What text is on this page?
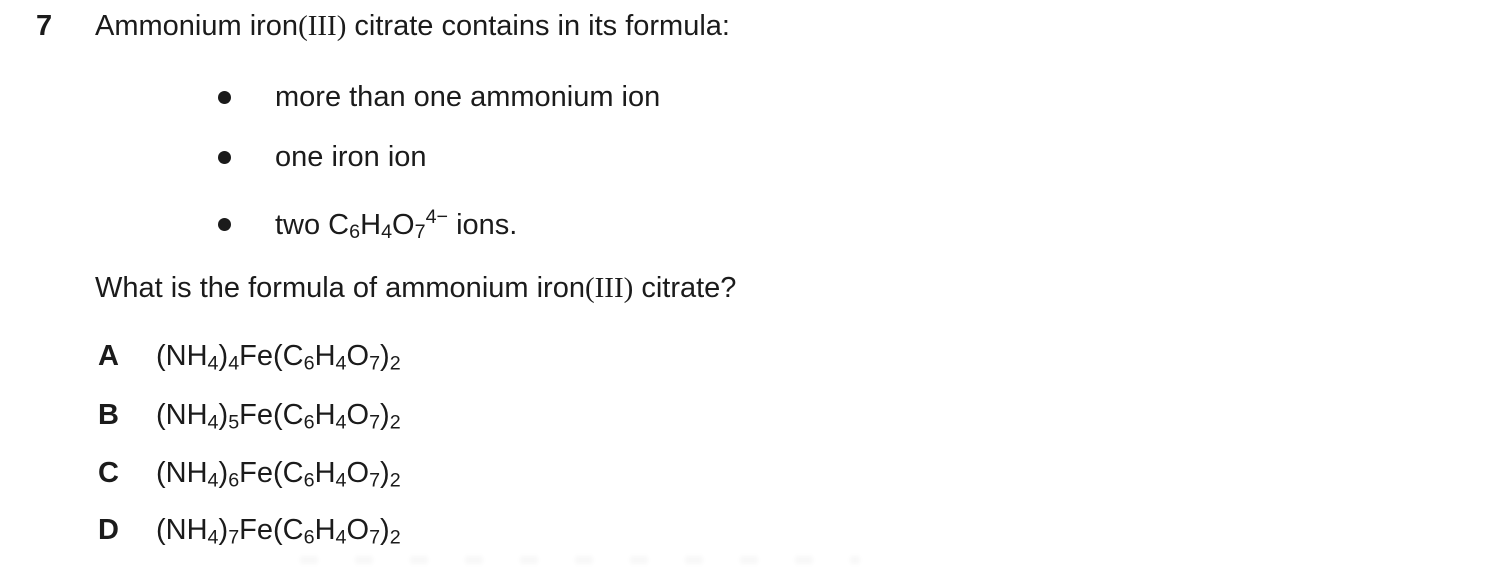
7 Ammonium iron(III) citrate contains in its formula:
more than one ammonium ion
one iron ion
two $C6H4O7^{4-}$ ions.
What is the formula of ammonium iron(III) citrate?
A	(NH4)4Fe(C6H4O7)2
B	(NH4)5Fe(C6H4O7)2
C	(NH4)6Fe(C6H4O7)2
D	(NH4)7Fe(C6H4O7)2
